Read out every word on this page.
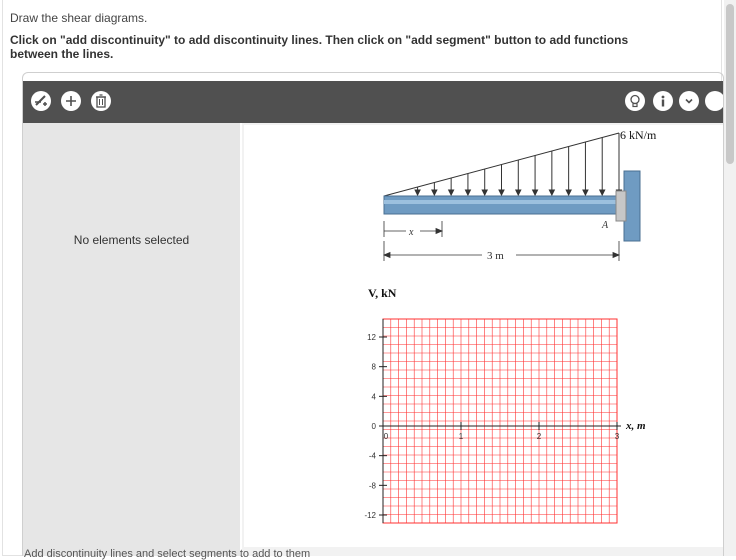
Draw the shear diagrams.
Click on "add discontinuity" to add discontinuity lines. Then click on "add segment" button to add functions between the lines.
No elements selected
6 kN/m
A
x
3 m
V, kN
12
8
4
0
-4
-8
-12
0	1	2	3
x, m
Add discontinuity lines and select segments to add to them
